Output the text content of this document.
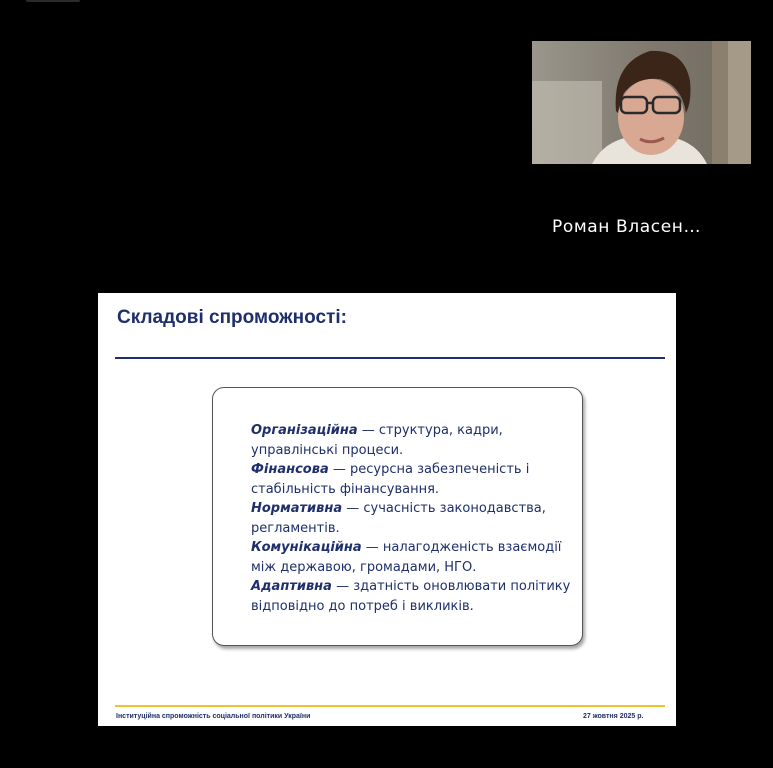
Роман Власен…
Складові спроможності:

Організаційна — структура, кадри, управлінські процеси.

Фінансова — ресурсна забезпеченість і стабільність фінансування.

Нормативна — сучасність законодавства, регламентів.

Комунікаційна — налагодженість взаємодії між державою, громадами, НГО.

Адаптивна — здатність оновлювати політику відповідно до потреб і викликів.

Інституційна спроможність соціальної політики України	27 жовтня 2025 р.
